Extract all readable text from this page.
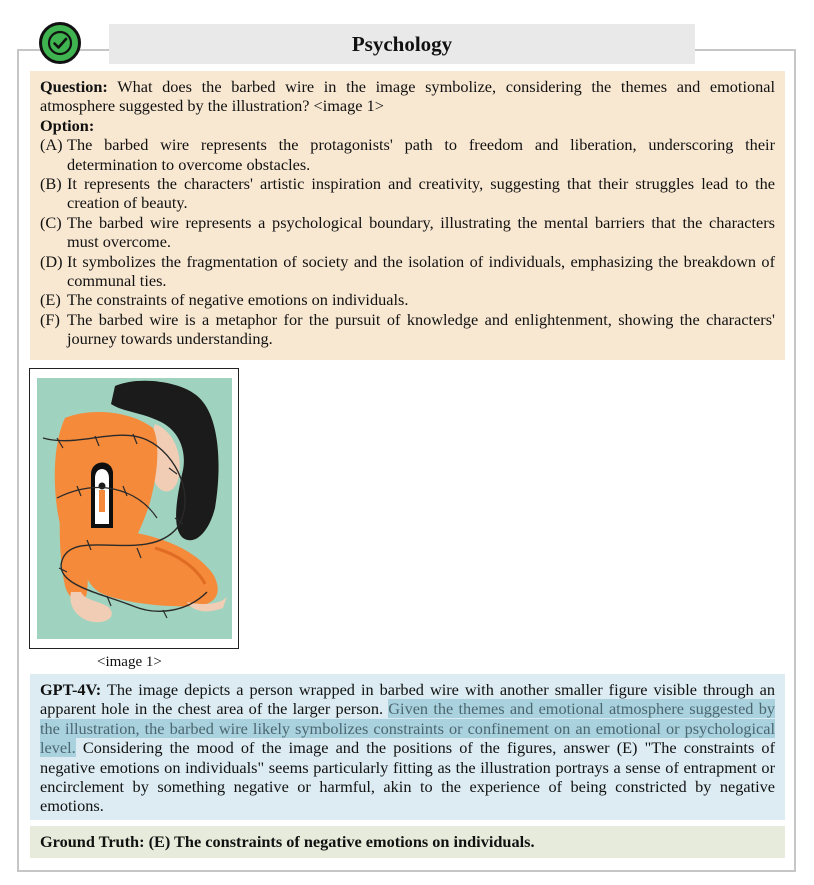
Psychology
Question: What does the barbed wire in the image symbolize, considering the themes and emotional atmosphere suggested by the illustration? <image 1>
Option:
(A) The barbed wire represents the protagonists' path to freedom and liberation, underscoring their determination to overcome obstacles.
(B) It represents the characters' artistic inspiration and creativity, suggesting that their struggles lead to the creation of beauty.
(C) The barbed wire represents a psychological boundary, illustrating the mental barriers that the characters must overcome.
(D) It symbolizes the fragmentation of society and the isolation of individuals, emphasizing the breakdown of communal ties.
(E) The constraints of negative emotions on individuals.
(F) The barbed wire is a metaphor for the pursuit of knowledge and enlightenment, showing the characters' journey towards understanding.
<image 1>
GPT-4V: The image depicts a person wrapped in barbed wire with another smaller figure visible through an apparent hole in the chest area of the larger person. Given the themes and emotional atmosphere suggested by the illustration, the barbed wire likely symbolizes constraints or confinement on an emotional or psychological level. Considering the mood of the image and the positions of the figures, answer (E) "The constraints of negative emotions on individuals" seems particularly fitting as the illustration portrays a sense of entrapment or encirclement by something negative or harmful, akin to the experience of being constricted by negative emotions.
Ground Truth: (E) The constraints of negative emotions on individuals.
